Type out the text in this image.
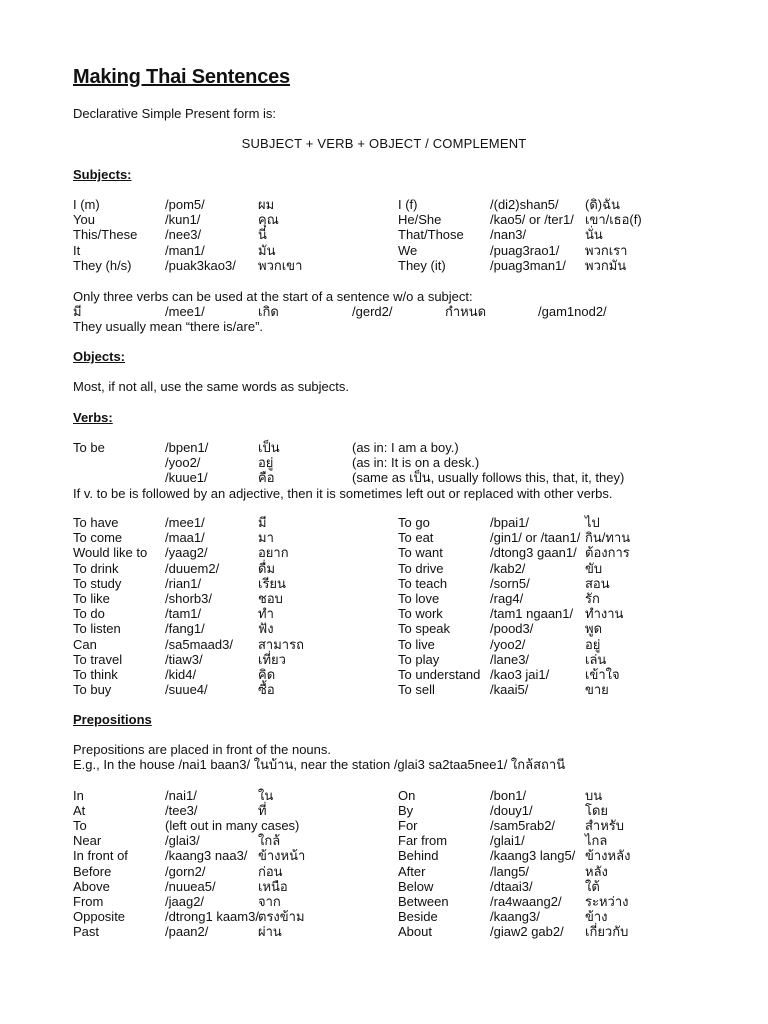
Making Thai Sentences
Declarative Simple Present form is:
SUBJECT + VERB + OBJECT / COMPLEMENT
Subjects:
I (m)	/pom5/	ผม	I (f)	/(di2)shan5/ (ดิ)ฉัน
You	/kun1/	คุณ	He/She	/kao5/ or /ter1/ เขา/เธอ(f)
This/These /nee3/	นี่	That/Those /nan3/	นั่น
It	/man1/	มัน	We	/puag3rao1/ พวกเรา
They (h/s)	/puak3kao3/ พวกเขา	They (it)	/puag3man1/ พวกมัน
Only three verbs can be used at the start of a sentence w/o a subject:
มี	/mee1/	เกิด	/gerd2/	กำหนด	/gam1nod2/
They usually mean “there is/are”.
Objects:
Most, if not all, use the same words as subjects.
Verbs:
To be	/bpen1/	เป็น	(as in: I am a boy.)
/yoo2/	อยู่	(as in: It is on a desk.)
/kuue1/	คือ	(same as เป็น, usually follows this, that, it, they)
If v. to be is followed by an adjective, then it is sometimes left out or replaced with other verbs.
To have	/mee1/	มี	To go	/bpai1/	ไป
To come	/maa1/	มา	To eat	/gin1/ or /taan1/ กิน/ทาน
Would like to /yaag2/	อยาก	To want	/dtong3 gaan1/ ต้องการ
To drink	/duuem2/	ดื่ม	To drive	/kab2/	ขับ
To study	/rian1/	เรียน	To teach	/sorn5/	สอน
To like	/shorb3/	ชอบ	To love	/rag4/	รัก
To do	/tam1/	ทำ	To work	/tam1 ngaan1/ ทำงาน
To listen	/fang1/	ฟัง	To speak	/pood3/	พูด
Can	/sa5maad3/ สามารถ	To live	/yoo2/	อยู่
To travel	/tiaw3/	เที่ยว	To play	/lane3/	เล่น
To think	/kid4/	คิด	To understand /kao3 jai1/	เข้าใจ
To buy	/suue4/	ซื้อ	To sell	/kaai5/	ขาย
Prepositions
Prepositions are placed in front of the nouns.
E.g., In the house /nai1 baan3/ ในบ้าน, near the station /glai3 sa2taa5nee1/ ใกล้สถานี
In	/nai1/	ใน	On	/bon1/	บน
At	/tee3/	ที่	By	/douy1/	โดย
To	(left out in many cases)	For	/sam5rab2/ สำหรับ
Near	/glai3/	ใกล้	Far from	/glai1/	ไกล
In front of	/kaang3 naa3/ ข้างหน้า	Behind	/kaang3 lang5/ ข้างหลัง
Before	/gorn2/	ก่อน	After	/lang5/	หลัง
Above	/nuuea5/	เหนือ	Below	/dtaai3/	ใต้
From	/jaag2/	จาก	Between	/ra4waang2/ ระหว่าง
Opposite	/dtrong1 kaam3/ ตรงข้าม	Beside	/kaang3/	ข้าง
Past	/paan2/	ผ่าน	About	/giaw2 gab2/ เกี่ยวกับ
